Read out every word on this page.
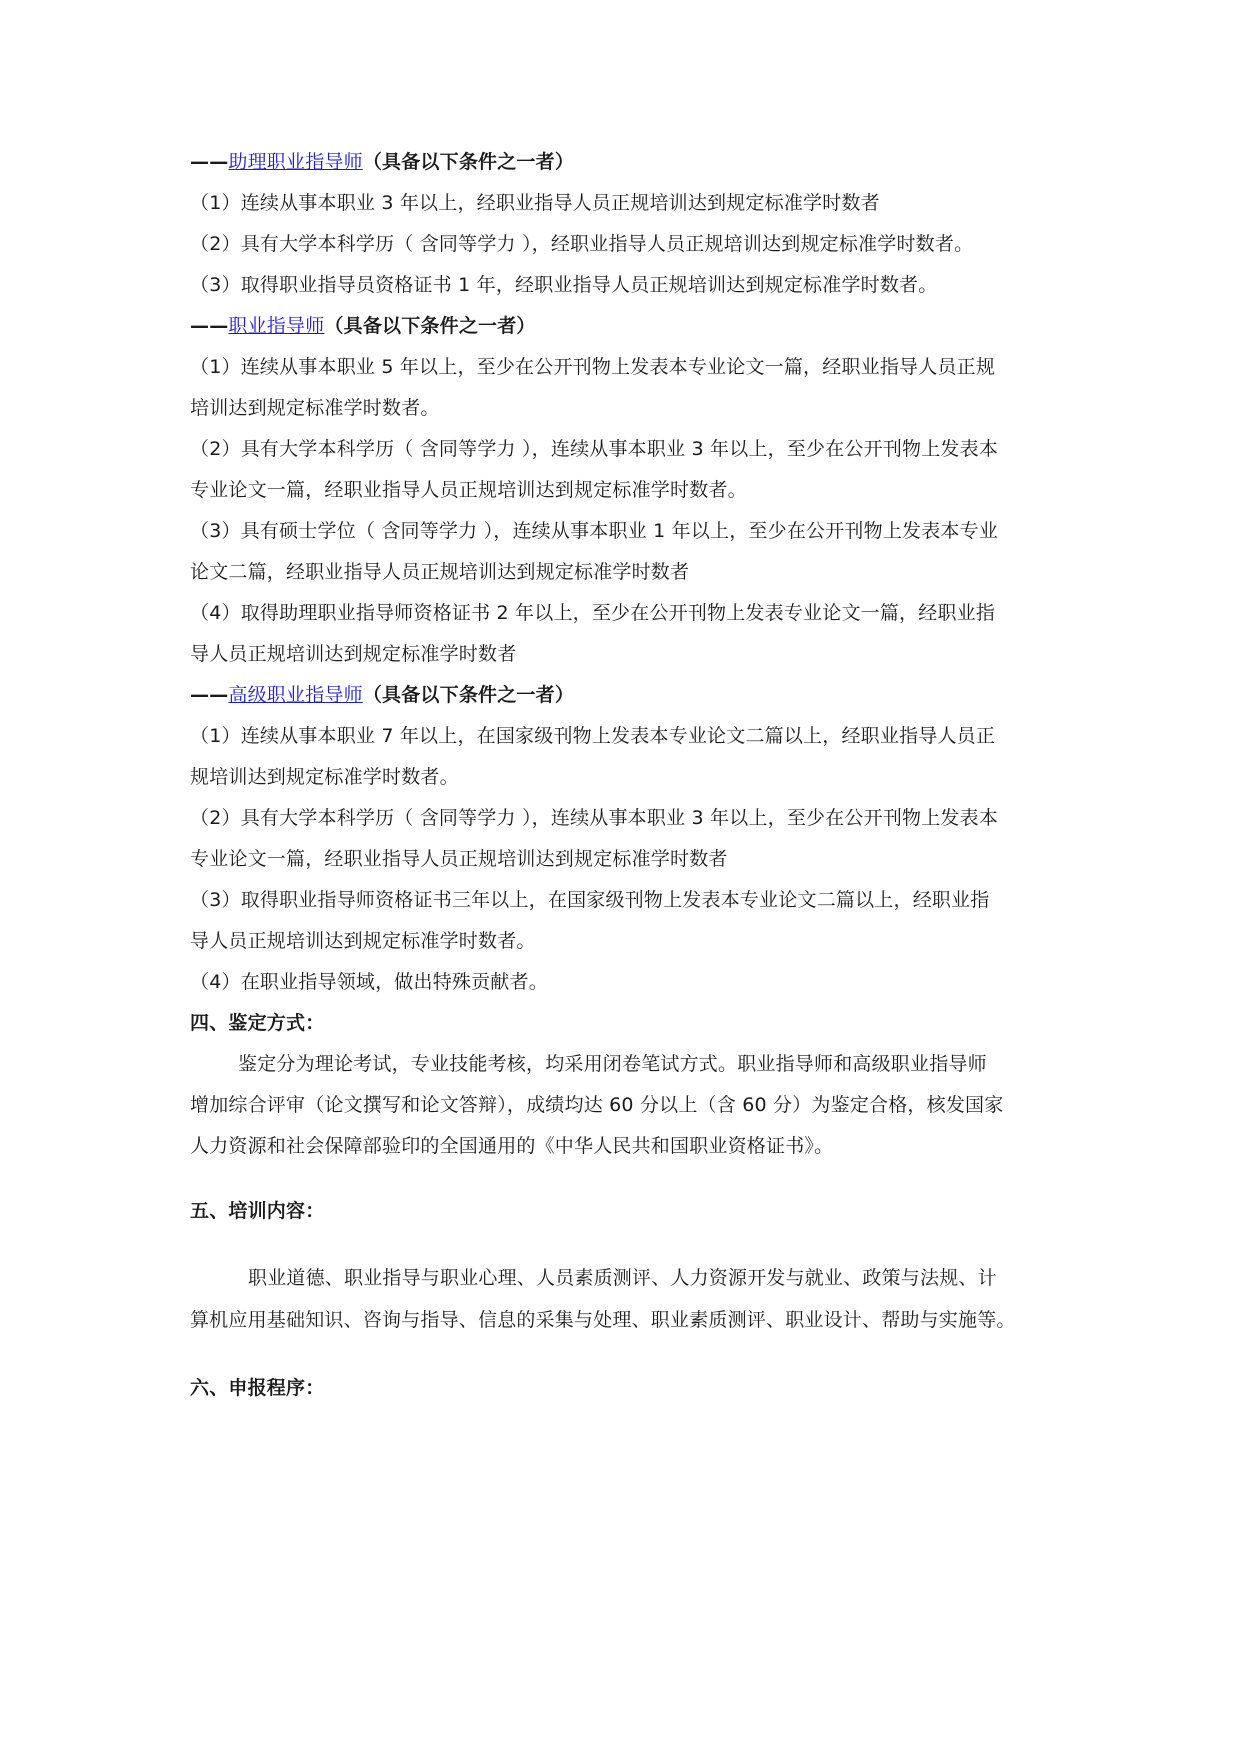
——助理职业指导师（具备以下条件之一者）
（1）连续从事本职业 3 年以上，经职业指导人员正规培训达到规定标准学时数者
（2）具有大学本科学历（ 含同等学力 ），经职业指导人员正规培训达到规定标准学时数者。
（3）取得职业指导员资格证书 1 年，经职业指导人员正规培训达到规定标准学时数者。
——职业指导师（具备以下条件之一者）
（1）连续从事本职业 5 年以上，至少在公开刊物上发表本专业论文一篇，经职业指导人员正规
培训达到规定标准学时数者。
（2）具有大学本科学历（ 含同等学力 ），连续从事本职业 3 年以上，至少在公开刊物上发表本
专业论文一篇，经职业指导人员正规培训达到规定标准学时数者。
（3）具有硕士学位（ 含同等学力 ），连续从事本职业 1 年以上，至少在公开刊物上发表本专业
论文二篇，经职业指导人员正规培训达到规定标准学时数者
（4）取得助理职业指导师资格证书 2 年以上，至少在公开刊物上发表专业论文一篇，经职业指
导人员正规培训达到规定标准学时数者
——高级职业指导师（具备以下条件之一者）
（1）连续从事本职业 7 年以上，在国家级刊物上发表本专业论文二篇以上，经职业指导人员正
规培训达到规定标准学时数者。
（2）具有大学本科学历（ 含同等学力 ），连续从事本职业 3 年以上，至少在公开刊物上发表本
专业论文一篇，经职业指导人员正规培训达到规定标准学时数者
（3）取得职业指导师资格证书三年以上，在国家级刊物上发表本专业论文二篇以上，经职业指
导人员正规培训达到规定标准学时数者。
（4）在职业指导领域，做出特殊贡献者。
四、鉴定方式：
鉴定分为理论考试，专业技能考核，均采用闭卷笔试方式。职业指导师和高级职业指导师
增加综合评审（论文撰写和论文答辩），成绩均达 60 分以上（含 60 分）为鉴定合格，核发国家
人力资源和社会保障部验印的全国通用的《中华人民共和国职业资格证书》。
五、培训内容：
职业道德、职业指导与职业心理、人员素质测评、人力资源开发与就业、政策与法规、计
算机应用基础知识、咨询与指导、信息的采集与处理、职业素质测评、职业设计、帮助与实施等。
六、申报程序：
